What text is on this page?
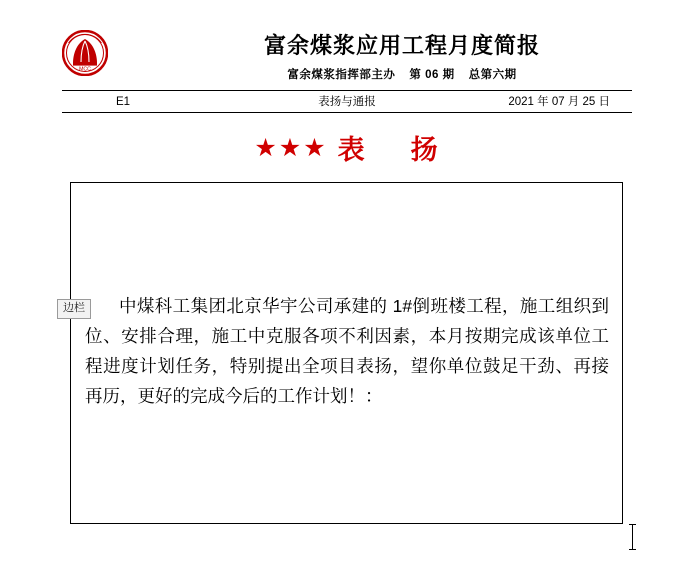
MCC
富余煤浆应用工程月度简报
富余煤浆指挥部主办 第 06 期 总第六期
E1	表扬与通报	2021 年 07 月 25 日
★★★ 表 扬
中煤科工集团北京华宇公司承建的 1#倒班楼工程，施工组织到位、安排合理，施工中克服各项不利因素，本月按期完成该单位工程进度计划任务，特别提出全项目表扬，望你单位鼓足干劲、再接再历，更好的完成今后的工作计划！：
边栏
